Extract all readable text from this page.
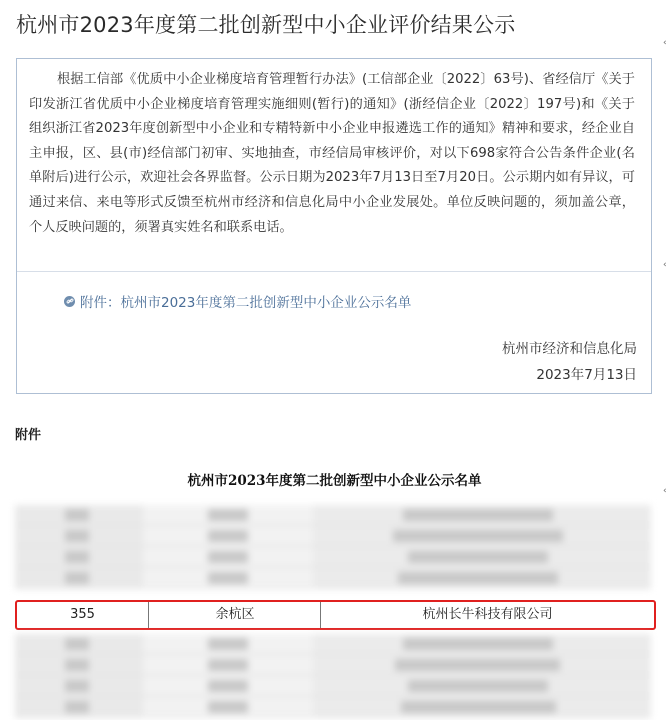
杭州市2023年度第二批创新型中小企业评价结果公示
‹
‹
‹

根据工信部《优质中小企业梯度培育管理暂行办法》(工信部企业〔2022〕63号)、省经信厅《关于印发浙江省优质中小企业梯度培育管理实施细则(暂行)的通知》(浙经信企业〔2022〕197号)和《关于组织浙江省2023年度创新型中小企业和专精特新中小企业申报遴选工作的通知》精神和要求，经企业自主申报，区、县(市)经信部门初审、实地抽查，市经信局审核评价，对以下698家符合公告条件企业(名单附后)进行公示，欢迎社会各界监督。公示日期为2023年7月13日至7月20日。公示期内如有异议，可通过来信、来电等形式反馈至杭州市经济和信息化局中小企业发展处。单位反映问题的，须加盖公章，个人反映问题的，须署真实姓名和联系电话。

附件：杭州市2023年度第二批创新型中小企业公示名单
杭州市经济和信息化局
2023年7月13日
附件
杭州市2023年度第二批创新型中小企业公示名单
355	余杭区	杭州长牛科技有限公司
